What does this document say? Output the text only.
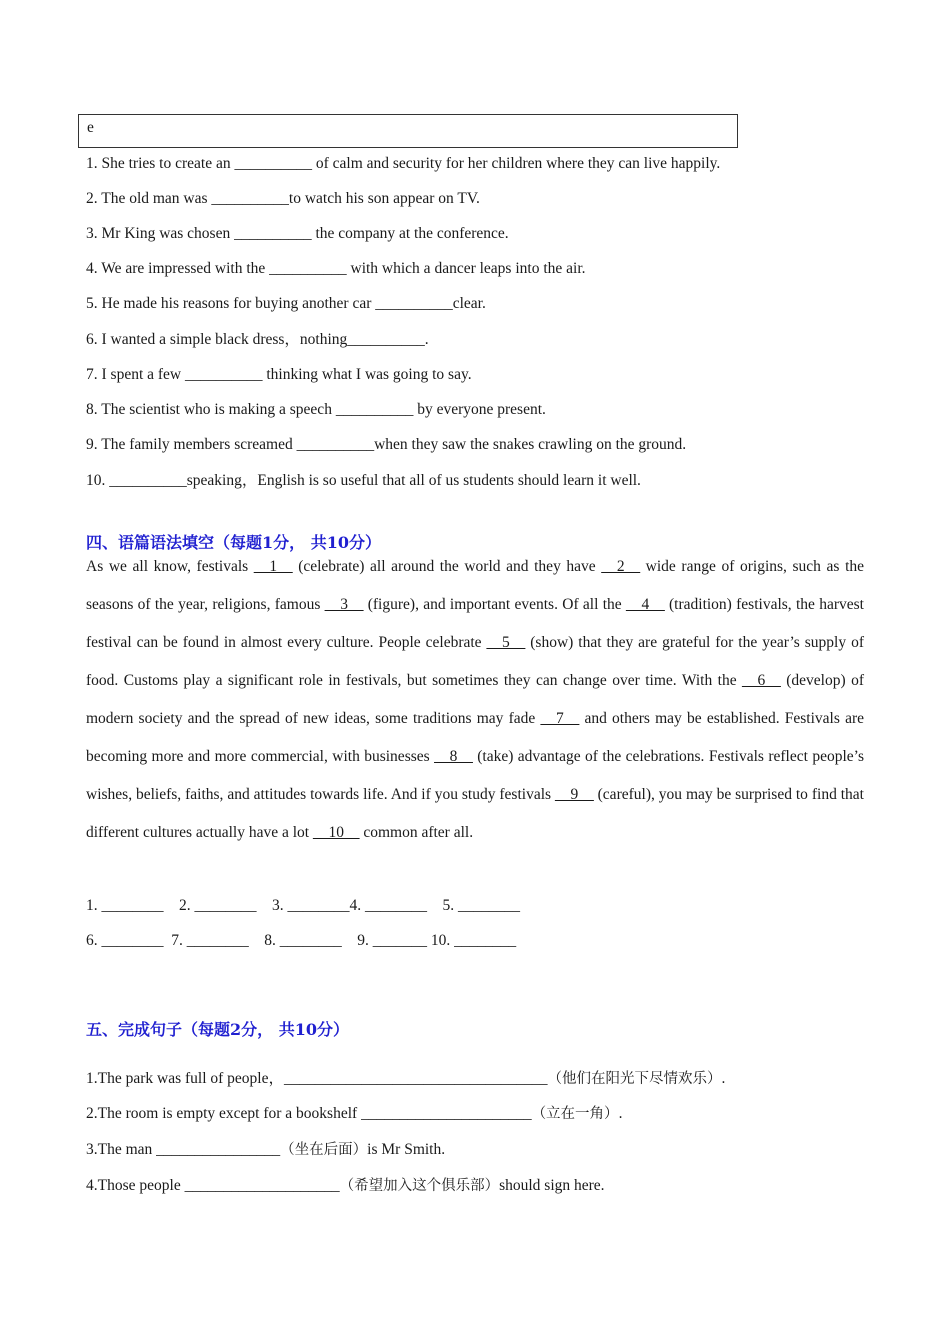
e
1. She tries to create an __________ of calm and security for her children where they can live happily.
2. The old man was __________to watch his son appear on TV.
3. Mr King was chosen __________ the company at the conference.
4. We are impressed with the __________ with which a dancer leaps into the air.
5. He made his reasons for buying another car __________clear.
6. I wanted a simple black dress，nothing__________.
7. I spent a few __________ thinking what I was going to say.
8. The scientist who is making a speech __________ by everyone present.
9. The family members screamed __________when they saw the snakes crawling on the ground.
10. __________speaking，English is so useful that all of us students should learn it well.
四、语篇语法填空（每题1分， 共10分）
As we all know, festivals __1__ (celebrate) all around the world and they have __2__ wide range of origins, such as the seasons of the year, religions, famous __3__ (figure), and important events. Of all the __4__ (tradition) festivals, the harvest festival can be found in almost every culture. People celebrate __5__ (show) that they are grateful for the year’s supply of food. Customs play a significant role in festivals, but sometimes they can change over time. With the __6__ (develop) of modern society and the spread of new ideas, some traditions may fade __7__ and others may be established. Festivals are becoming more and more commercial, with businesses __8__ (take) advantage of the celebrations. Festivals reflect people’s wishes, beliefs, faiths, and attitudes towards life. And if you study festivals __9__ (careful), you may be surprised to find that different cultures actually have a lot __10__ common after all.
1. ________    2. ________    3. ________4. ________    5. ________
6. ________  7. ________    8. ________    9. _______ 10. ________
五、完成句子（每题2分， 共10分）
1.The park was full of people，__________________________________（他们在阳光下尽情欢乐）.
2.The room is empty except for a bookshelf ______________________（立在一角）.
3.The man ________________（坐在后面）is Mr Smith.
4.Those people ____________________（希望加入这个俱乐部）should sign here.
